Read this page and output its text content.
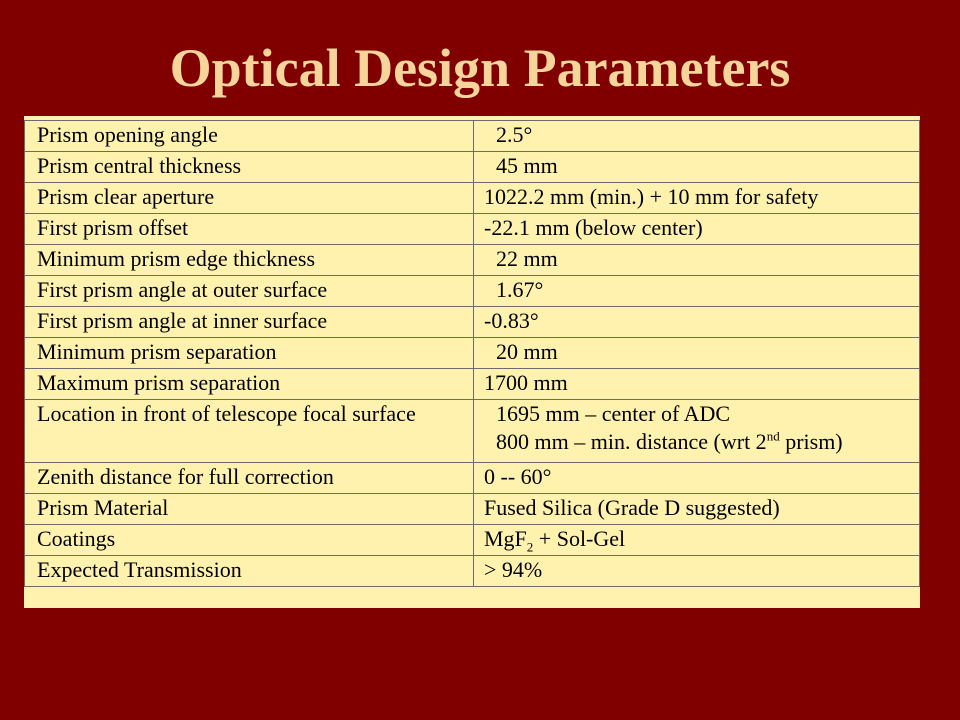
Optical Design Parameters
Prism opening angle	2.5°
Prism central thickness	45 mm
Prism clear aperture	1022.2 mm (min.) + 10 mm for safety
First prism offset	-22.1 mm (below center)
Minimum prism edge thickness	22 mm
First prism angle at outer surface	1.67°
First prism angle at inner surface	-0.83°
Minimum prism separation	20 mm
Maximum prism separation	1700 mm
Location in front of telescope focal surface	1695 mm – center of ADC
800 mm – min. distance (wrt 2nd prism)

Zenith distance for full correction	0 -- 60°
Prism Material	Fused Silica (Grade D suggested)
Coatings	MgF$_2$ + Sol-Gel
Expected Transmission	> 94%
